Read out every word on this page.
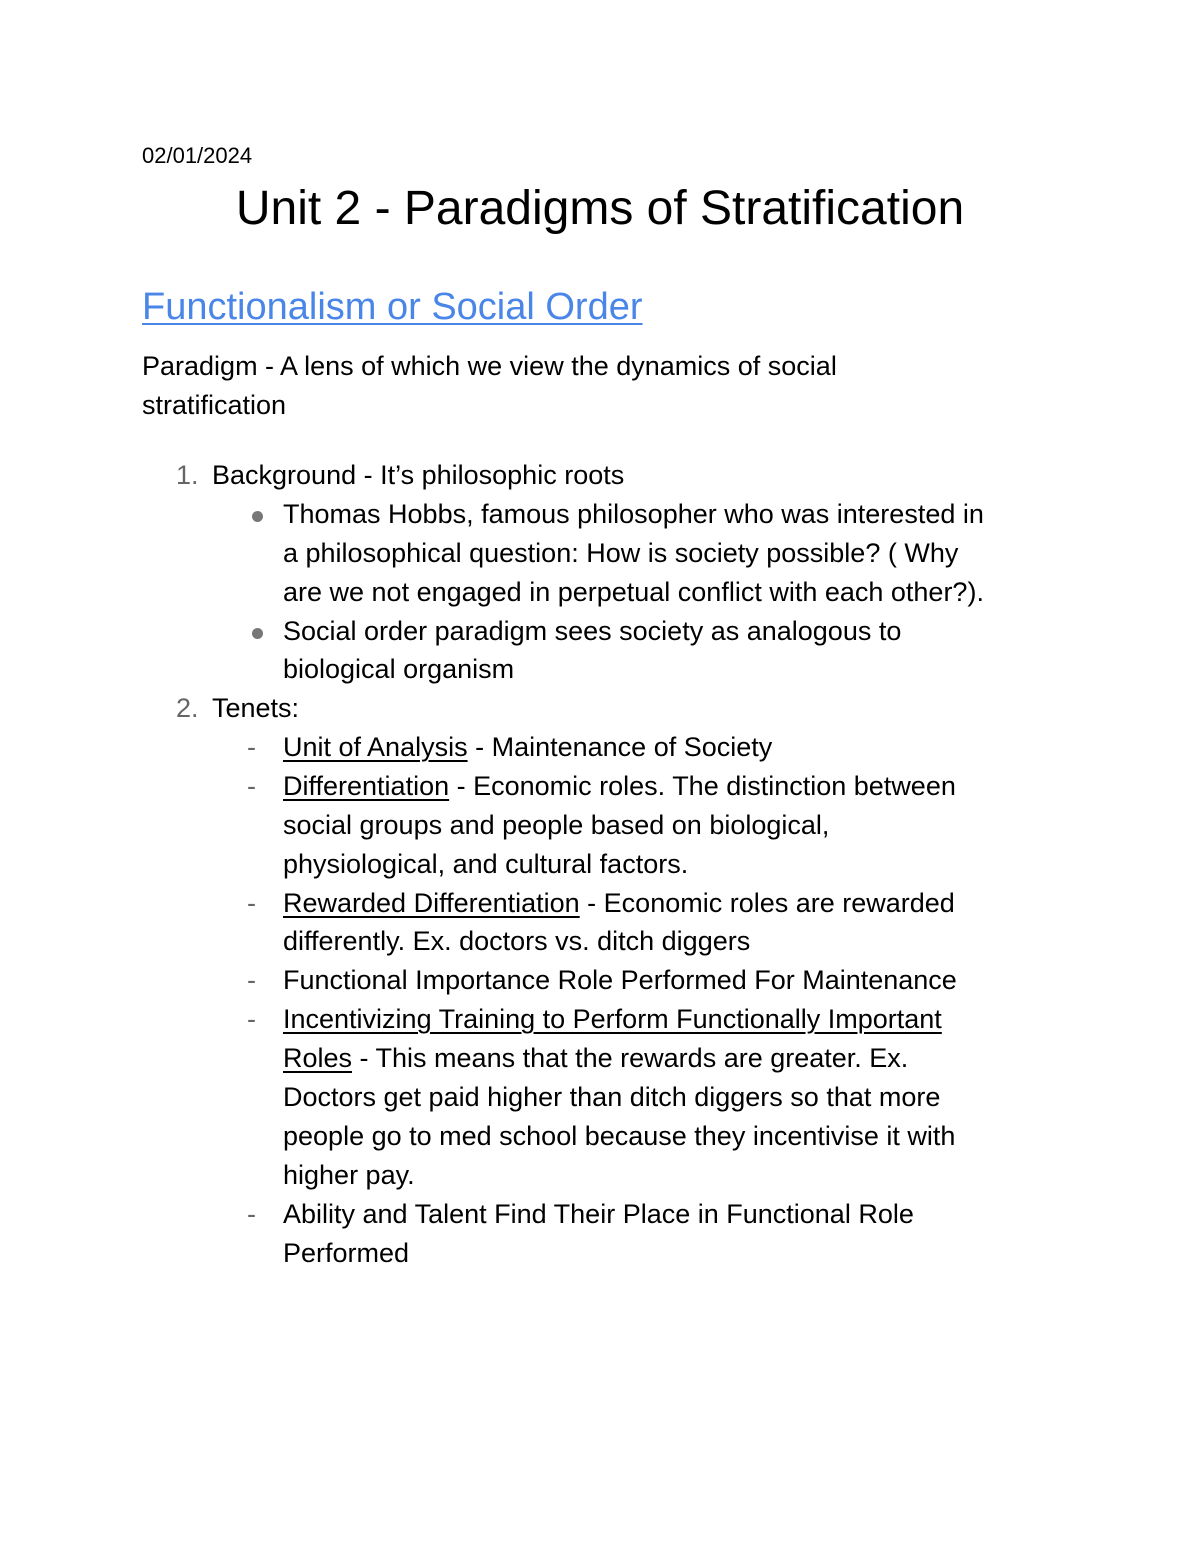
02/01/2024
Unit 2 - Paradigms of Stratification
Functionalism or Social Order

Paradigm - A lens of which we view the dynamics of social stratification

1. Background - It’s philosophic roots
Thomas Hobbs, famous philosopher who was interested in
a philosophical question: How is society possible? ( Why
are we not engaged in perpetual conflict with each other?).
Social order paradigm sees society as analogous to
biological organism
2. Tenets:
- Unit of Analysis - Maintenance of Society
- Differentiation - Economic roles. The distinction between
social groups and people based on biological,
physiological, and cultural factors.
- Rewarded Differentiation - Economic roles are rewarded
differently. Ex. doctors vs. ditch diggers
- Functional Importance Role Performed For Maintenance
- Incentivizing Training to Perform Functionally Important
Roles - This means that the rewards are greater. Ex.
Doctors get paid higher than ditch diggers so that more
people go to med school because they incentivise it with
higher pay.
- Ability and Talent Find Their Place in Functional Role
Performed
